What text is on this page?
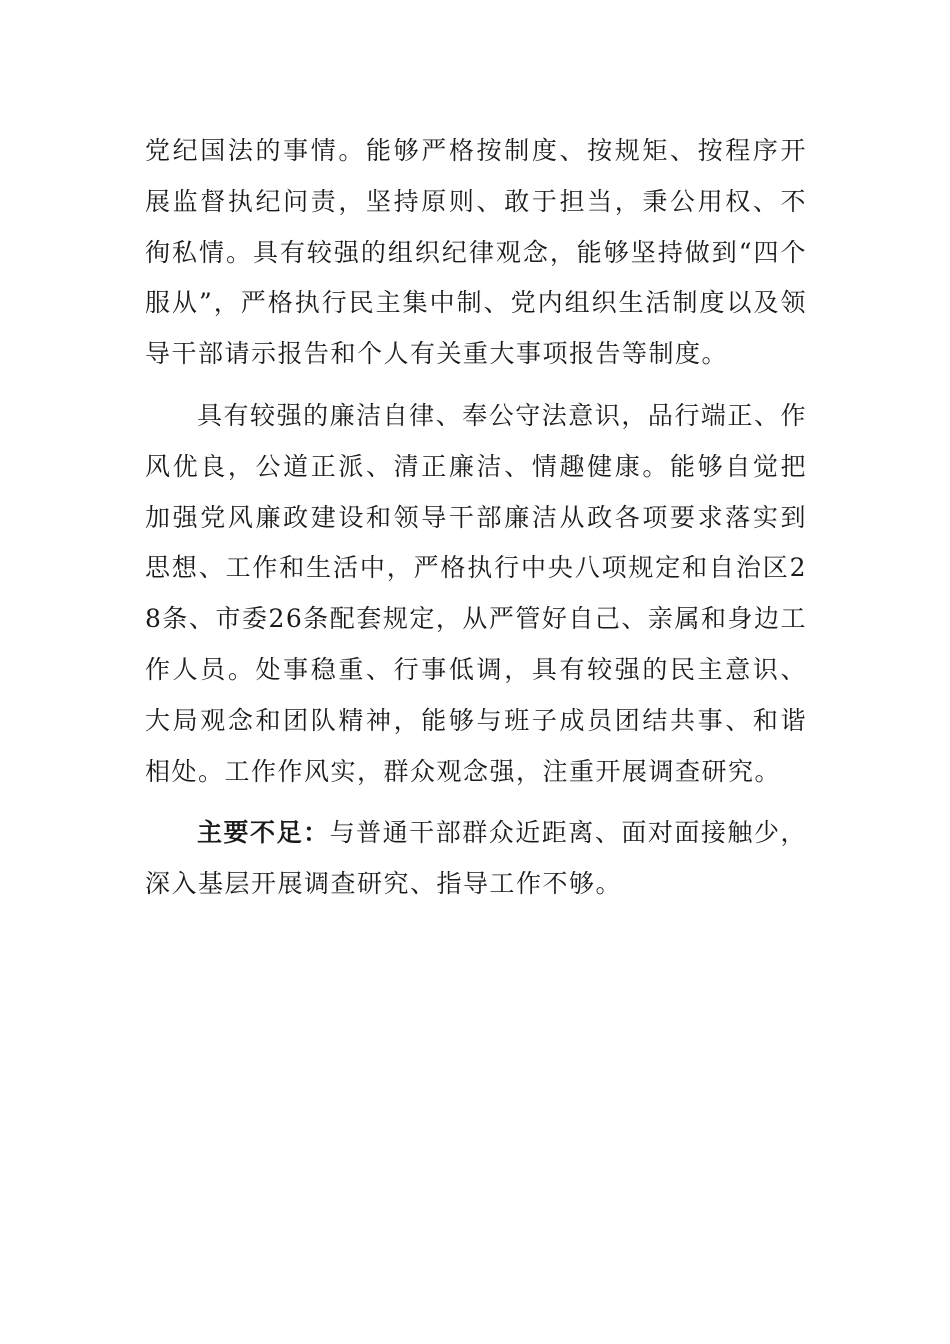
党纪国法的事情。能够严格按制度、按规矩、按程序开展监督执纪问责，坚持原则、敢于担当，秉公用权、不徇私情。具有较强的组织纪律观念，能够坚持做到“四个服从”，严格执行民主集中制、党内组织生活制度以及领导干部请示报告和个人有关重大事项报告等制度。

具有较强的廉洁自律、奉公守法意识，品行端正、作风优良，公道正派、清正廉洁、情趣健康。能够自觉把加强党风廉政建设和领导干部廉洁从政各项要求落实到思想、工作和生活中，严格执行中央八项规定和自治区28条、市委26条配套规定，从严管好自己、亲属和身边工作人员。处事稳重、行事低调，具有较强的民主意识、大局观念和团队精神，能够与班子成员团结共事、和谐相处。工作作风实，群众观念强，注重开展调查研究。

主要不足：与普通干部群众近距离、面对面接触少，深入基层开展调查研究、指导工作不够。
